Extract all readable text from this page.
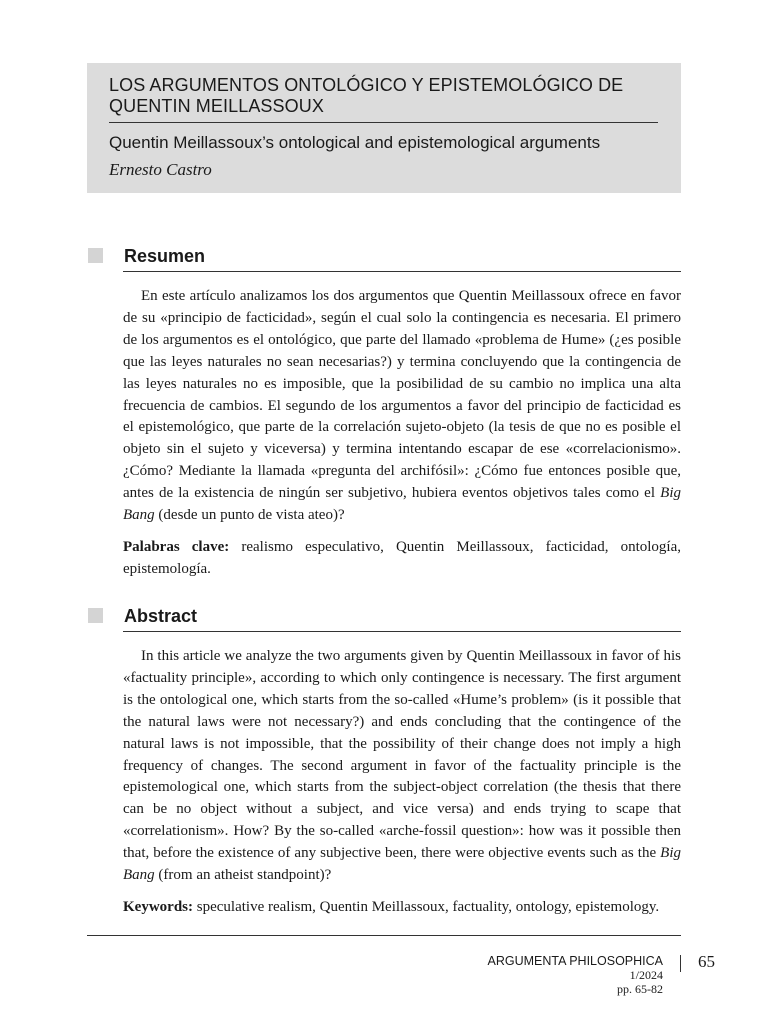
LOS ARGUMENTOS ONTOLÓGICO Y EPISTEMOLÓGICO DE QUENTIN MEILLASSOUX
Quentin Meillassoux’s ontological and epistemological arguments
Ernesto Castro
Resumen

En este artículo analizamos los dos argumentos que Quentin Meillassoux ofrece en favor de su «principio de facticidad», según el cual solo la contingencia es necesaria. El primero de los argumentos es el ontológico, que parte del llamado «problema de Hume» (¿es posible que las leyes naturales no sean necesarias?) y termina concluyendo que la contingencia de las leyes naturales no es imposible, que la posibilidad de su cambio no implica una alta frecuencia de cambios. El segundo de los argumentos a favor del principio de facticidad es el epistemológico, que parte de la correlación sujeto-objeto (la tesis de que no es posible el objeto sin el sujeto y viceversa) y termina intentando escapar de ese «correlacionismo». ¿Cómo? Mediante la llamada «pregunta del archifósil»: ¿Cómo fue entonces posible que, antes de la existencia de ningún ser subjetivo, hubiera eventos objetivos tales como el Big Bang (desde un punto de vista ateo)?

Palabras clave: realismo especulativo, Quentin Meillassoux, facticidad, ontología, epistemología.
Abstract

In this article we analyze the two arguments given by Quentin Meillassoux in favor of his «factuality principle», according to which only contingence is necessary. The first argument is the ontological one, which starts from the so-called «Hume’s problem» (is it possible that the natural laws were not necessary?) and ends concluding that the contingence of the natural laws is not impossible, that the possibility of their change does not imply a high frequency of changes. The second argument in favor of the factuality principle is the epistemological one, which starts from the subject-object correlation (the thesis that there can be no object without a subject, and vice versa) and ends trying to scape that «correlationism». How? By the so-called «arche-fossil question»: how was it possible then that, before the existence of any subjective been, there were objective events such as the Big Bang (from an atheist standpoint)?

Keywords: speculative realism, Quentin Meillassoux, factuality, ontology, epistemology.
ARGUMENTA PHILOSOPHICA
1/2024
pp. 65-82
65
